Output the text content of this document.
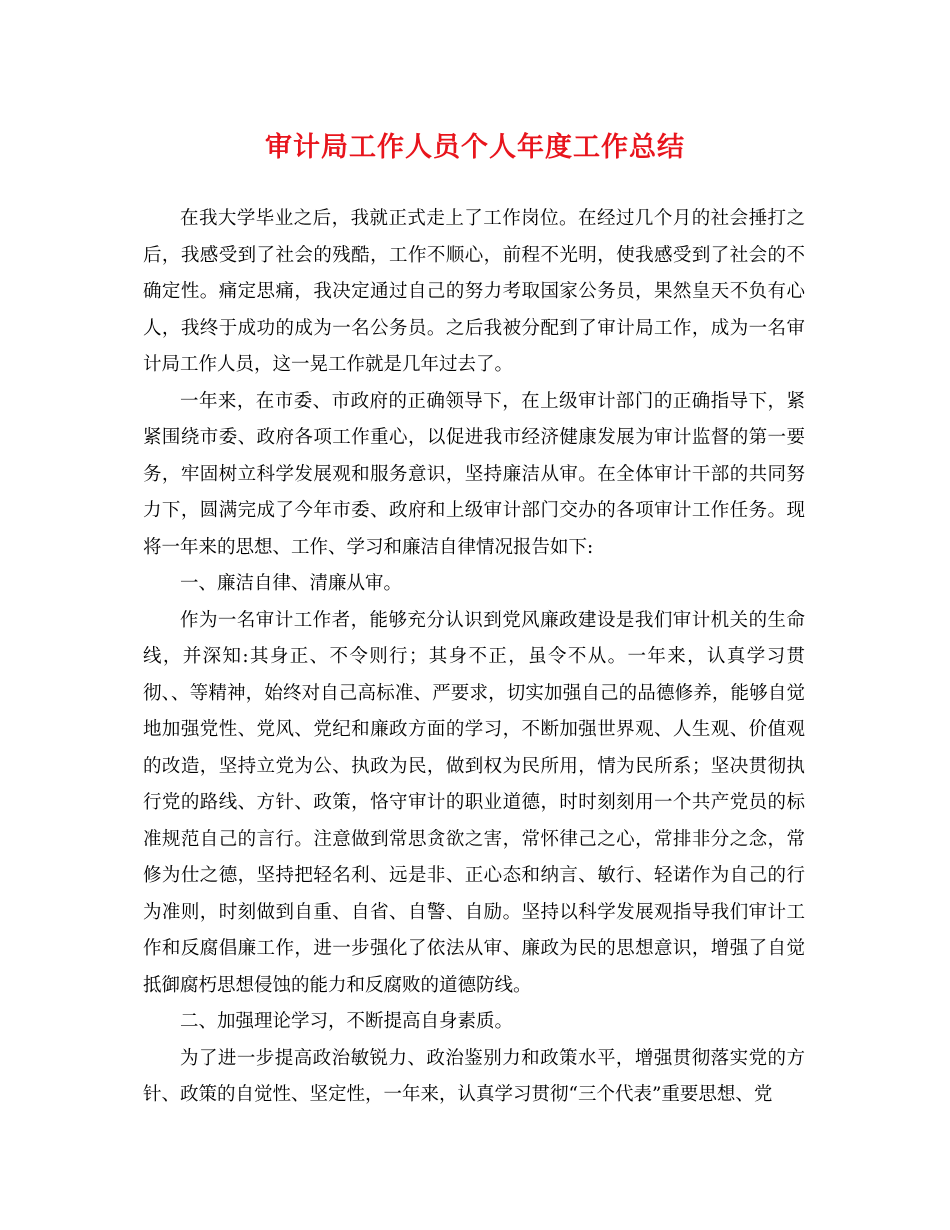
审计局工作人员个人年度工作总结

在我大学毕业之后，我就正式走上了工作岗位。在经过几个月的社会捶打之后，我感受到了社会的残酷，工作不顺心，前程不光明，使我感受到了社会的不确定性。痛定思痛，我决定通过自己的努力考取国家公务员，果然皇天不负有心人，我终于成功的成为一名公务员。之后我被分配到了审计局工作，成为一名审计局工作人员，这一晃工作就是几年过去了。

一年来，在市委、市政府的正确领导下，在上级审计部门的正确指导下，紧紧围绕市委、政府各项工作重心，以促进我市经济健康发展为审计监督的第一要务，牢固树立科学发展观和服务意识，坚持廉洁从审。在全体审计干部的共同努力下，圆满完成了今年市委、政府和上级审计部门交办的各项审计工作任务。现将一年来的思想、工作、学习和廉洁自律情况报告如下:

一、廉洁自律、清廉从审。

作为一名审计工作者，能够充分认识到党风廉政建设是我们审计机关的生命线，并深知:其身正、不令则行；其身不正，虽令不从。一年来，认真学习贯彻、、等精神，始终对自己高标准、严要求，切实加强自己的品德修养，能够自觉地加强党性、党风、党纪和廉政方面的学习，不断加强世界观、人生观、价值观的改造，坚持立党为公、执政为民，做到权为民所用，情为民所系；坚决贯彻执行党的路线、方针、政策，恪守审计的职业道德，时时刻刻用一个共产党员的标准规范自己的言行。注意做到常思贪欲之害，常怀律己之心，常排非分之念，常修为仕之德，坚持把轻名利、远是非、正心态和纳言、敏行、轻诺作为自己的行为准则，时刻做到自重、自省、自警、自励。坚持以科学发展观指导我们审计工作和反腐倡廉工作，进一步强化了依法从审、廉政为民的思想意识，增强了自觉抵御腐朽思想侵蚀的能力和反腐败的道德防线。

二、加强理论学习，不断提高自身素质。

为了进一步提高政治敏锐力、政治鉴别力和政策水平，增强贯彻落实党的方针、政策的自觉性、坚定性，一年来，认真学习贯彻“三个代表”重要思想、党
